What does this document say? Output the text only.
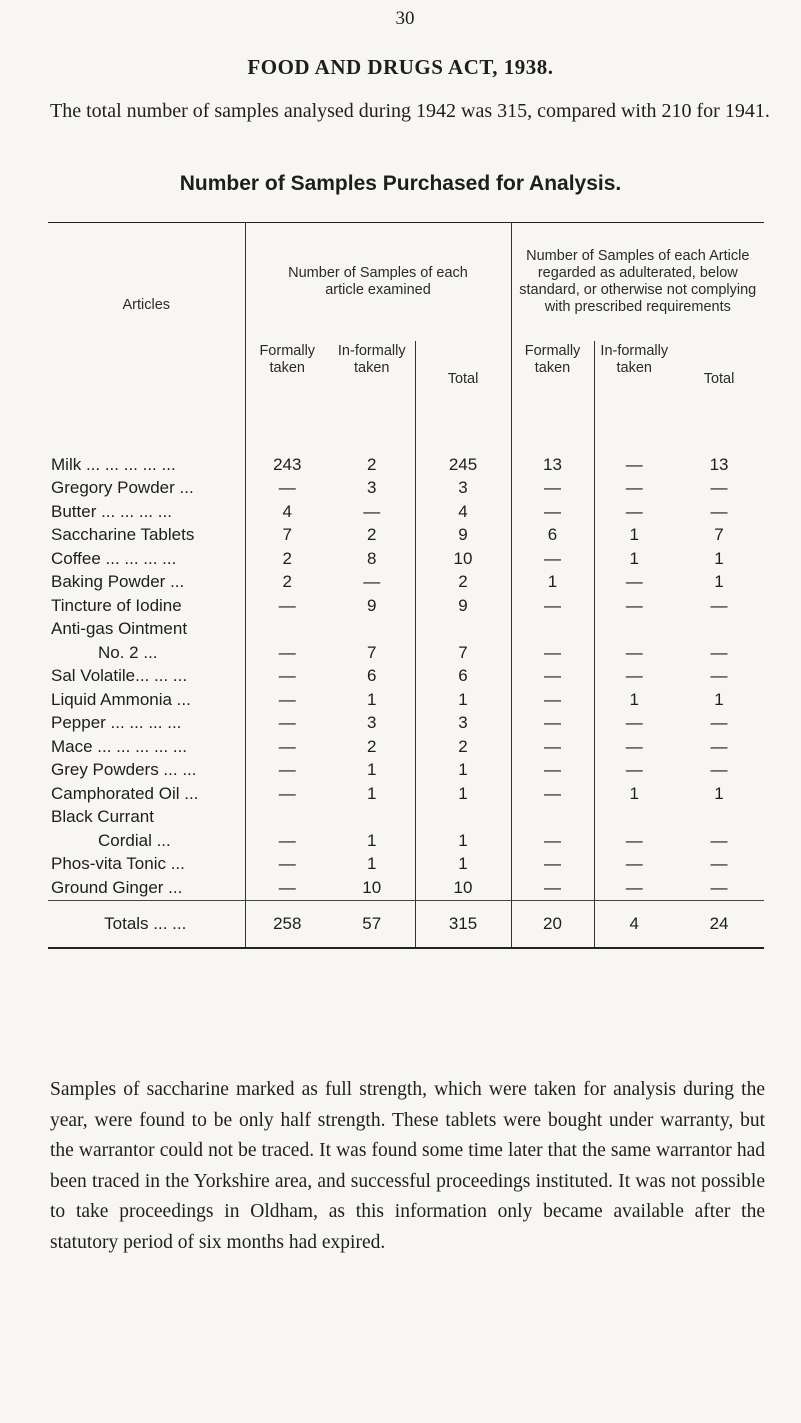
30
FOOD AND DRUGS ACT, 1938.
The total number of samples analysed during 1942 was 315, compared with 210 for 1941.
Number of Samples Purchased for Analysis.
Articles	Number of Samples of each article examined			Number of Samples of each Article regarded as adulterated, below standard, or otherwise not complying with prescribed requirements		
	Formally taken	In-formally taken	Total	Formally taken	In-formally taken	Total
Milk ... ... ... ... ...	243	2	245	13	—	13
Gregory Powder ...	—	3	3	—	—	—
Butter ... ... ... ...	4	—	4	—	—	—
Saccharine Tablets	7	2	9	6	1	7
Coffee ... ... ... ...	2	8	10	—	1	1
Baking Powder ...	2	—	2	1	—	1
Tincture of Iodine	—	9	9	—	—	—
Anti-gas Ointment						
No. 2 ...	—	7	7	—	—	—
Sal Volatile... ... ...	—	6	6	—	—	—
Liquid Ammonia ...	—	1	1	—	1	1
Pepper ... ... ... ...	—	3	3	—	—	—
Mace ... ... ... ... ...	—	2	2	—	—	—
Grey Powders ... ...	—	1	1	—	—	—
Camphorated Oil ...	—	1	1	—	1	1
Black Currant						
Cordial ...	—	1	1	—	—	—
Phos-vita Tonic ...	—	1	1	—	—	—
Ground Ginger ...	—	10	10	—	—	—
Totals ... ...	258	57	315	20	4	24
Samples of saccharine marked as full strength, which were taken for analysis during the year, were found to be only half strength. These tablets were bought under warranty, but the warrantor could not be traced. It was found some time later that the same warrantor had been traced in the Yorkshire area, and successful proceedings instituted. It was not possible to take proceedings in Oldham, as this information only became available after the statutory period of six months had expired.
